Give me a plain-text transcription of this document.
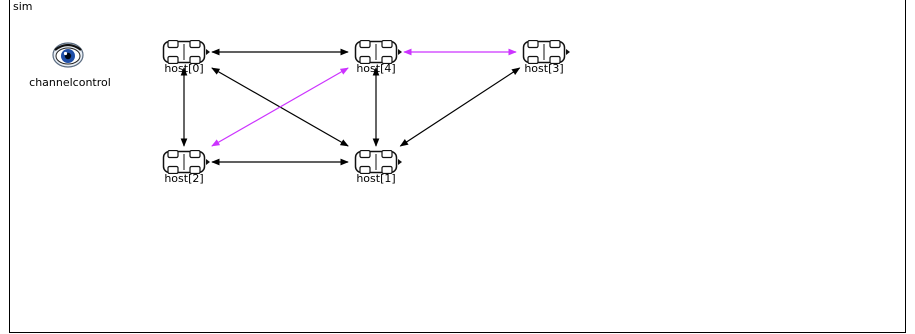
sim
channelcontrol
host[0]	host[4]	host[3]
host[2]	host[1]
